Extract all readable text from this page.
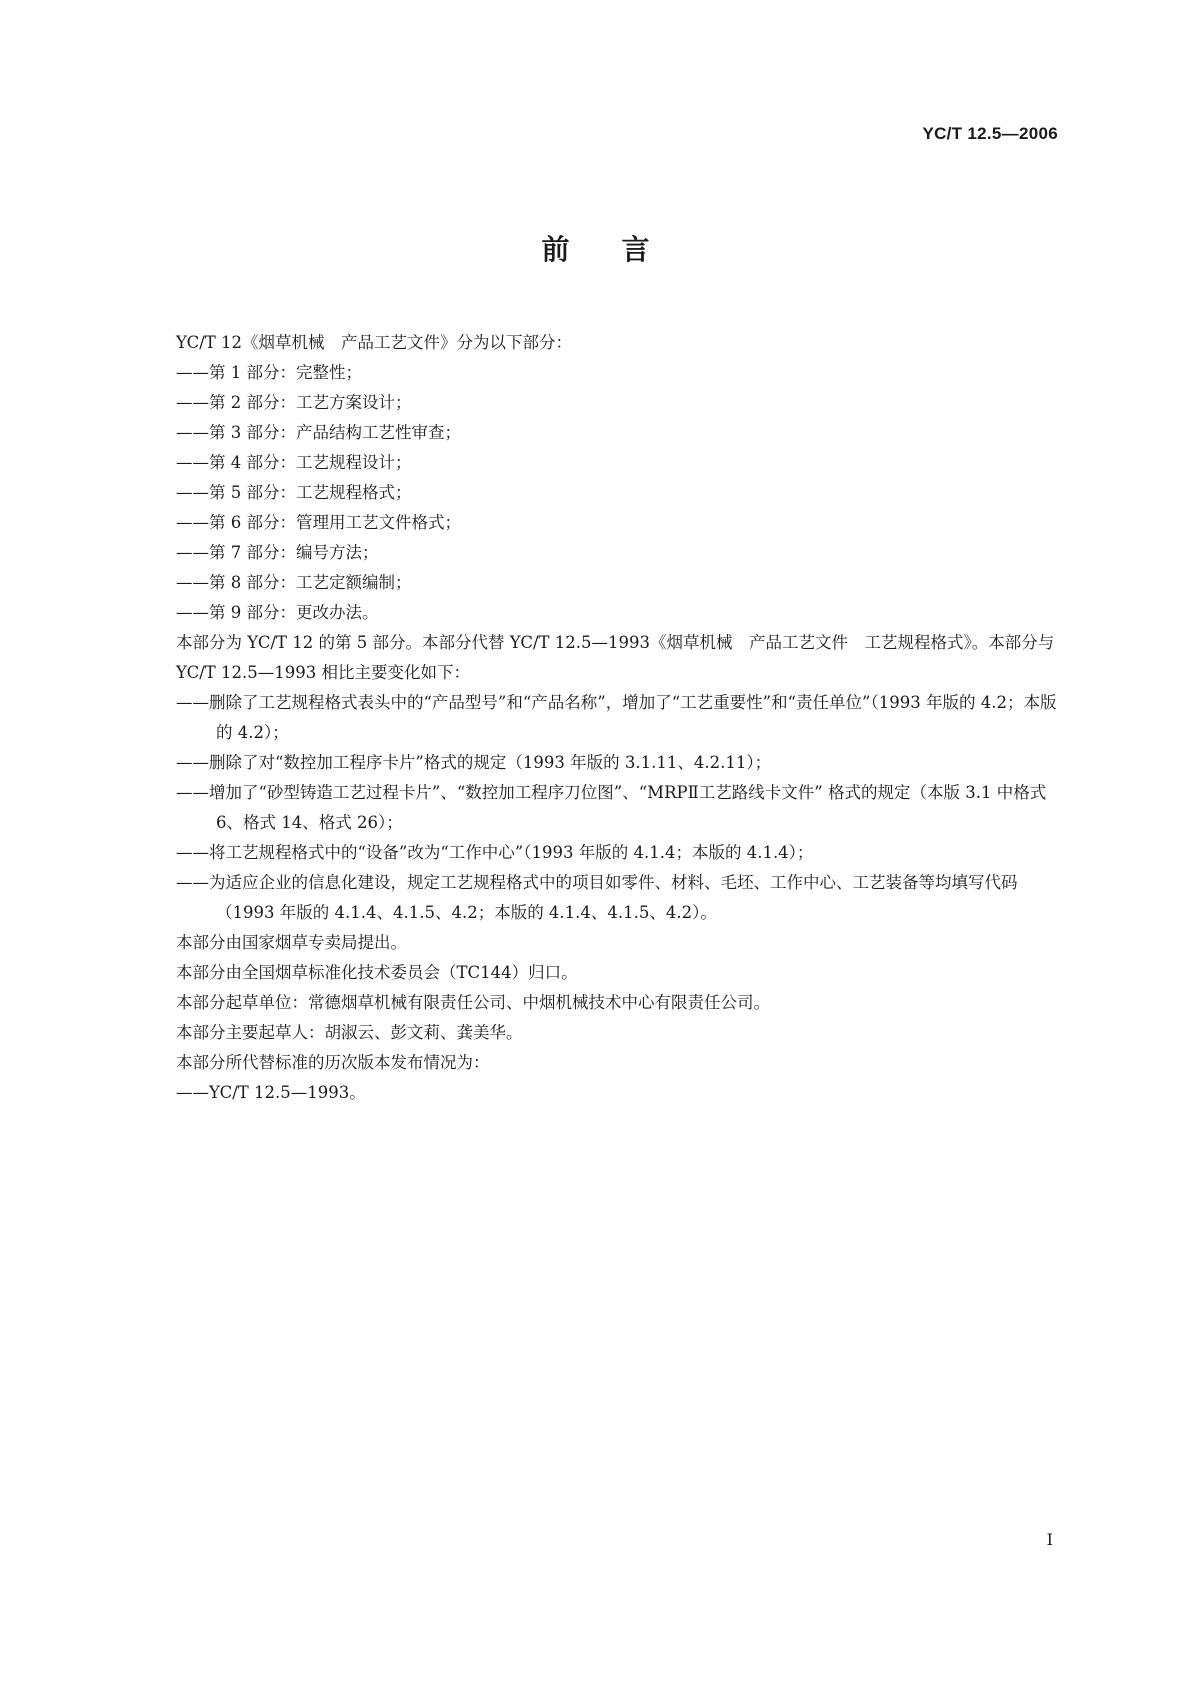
YC/T 12.5—2006
前言

YC/T 12《烟草机械　产品工艺文件》分为以下部分：

——第 1 部分：完整性；

——第 2 部分：工艺方案设计；

——第 3 部分：产品结构工艺性审查；

——第 4 部分：工艺规程设计；

——第 5 部分：工艺规程格式；

——第 6 部分：管理用工艺文件格式；

——第 7 部分：编号方法；

——第 8 部分：工艺定额编制；

——第 9 部分：更改办法。

本部分为 YC/T 12 的第 5 部分。本部分代替 YC/T 12.5—1993《烟草机械　产品工艺文件　工艺规程格式》。本部分与 YC/T 12.5—1993 相比主要变化如下：

——删除了工艺规程格式表头中的“产品型号”和“产品名称”，增加了“工艺重要性”和“责任单位”（1993 年版的 4.2；本版的 4.2）；

——删除了对“数控加工程序卡片”格式的规定（1993 年版的 3.1.11、4.2.11）；

——增加了“砂型铸造工艺过程卡片”、“数控加工程序刀位图”、“MRPⅡ工艺路线卡文件” 格式的规定（本版 3.1 中格式 6、格式 14、格式 26）；

——将工艺规程格式中的“设备”改为“工作中心”（1993 年版的 4.1.4；本版的 4.1.4）；

——为适应企业的信息化建设，规定工艺规程格式中的项目如零件、材料、毛坯、工作中心、工艺装备等均填写代码（1993 年版的 4.1.4、4.1.5、4.2；本版的 4.1.4、4.1.5、4.2）。

本部分由国家烟草专卖局提出。

本部分由全国烟草标准化技术委员会（TC144）归口。

本部分起草单位：常德烟草机械有限责任公司、中烟机械技术中心有限责任公司。

本部分主要起草人：胡淑云、彭文莉、龚美华。

本部分所代替标准的历次版本发布情况为：

——YC/T 12.5—1993。

I
